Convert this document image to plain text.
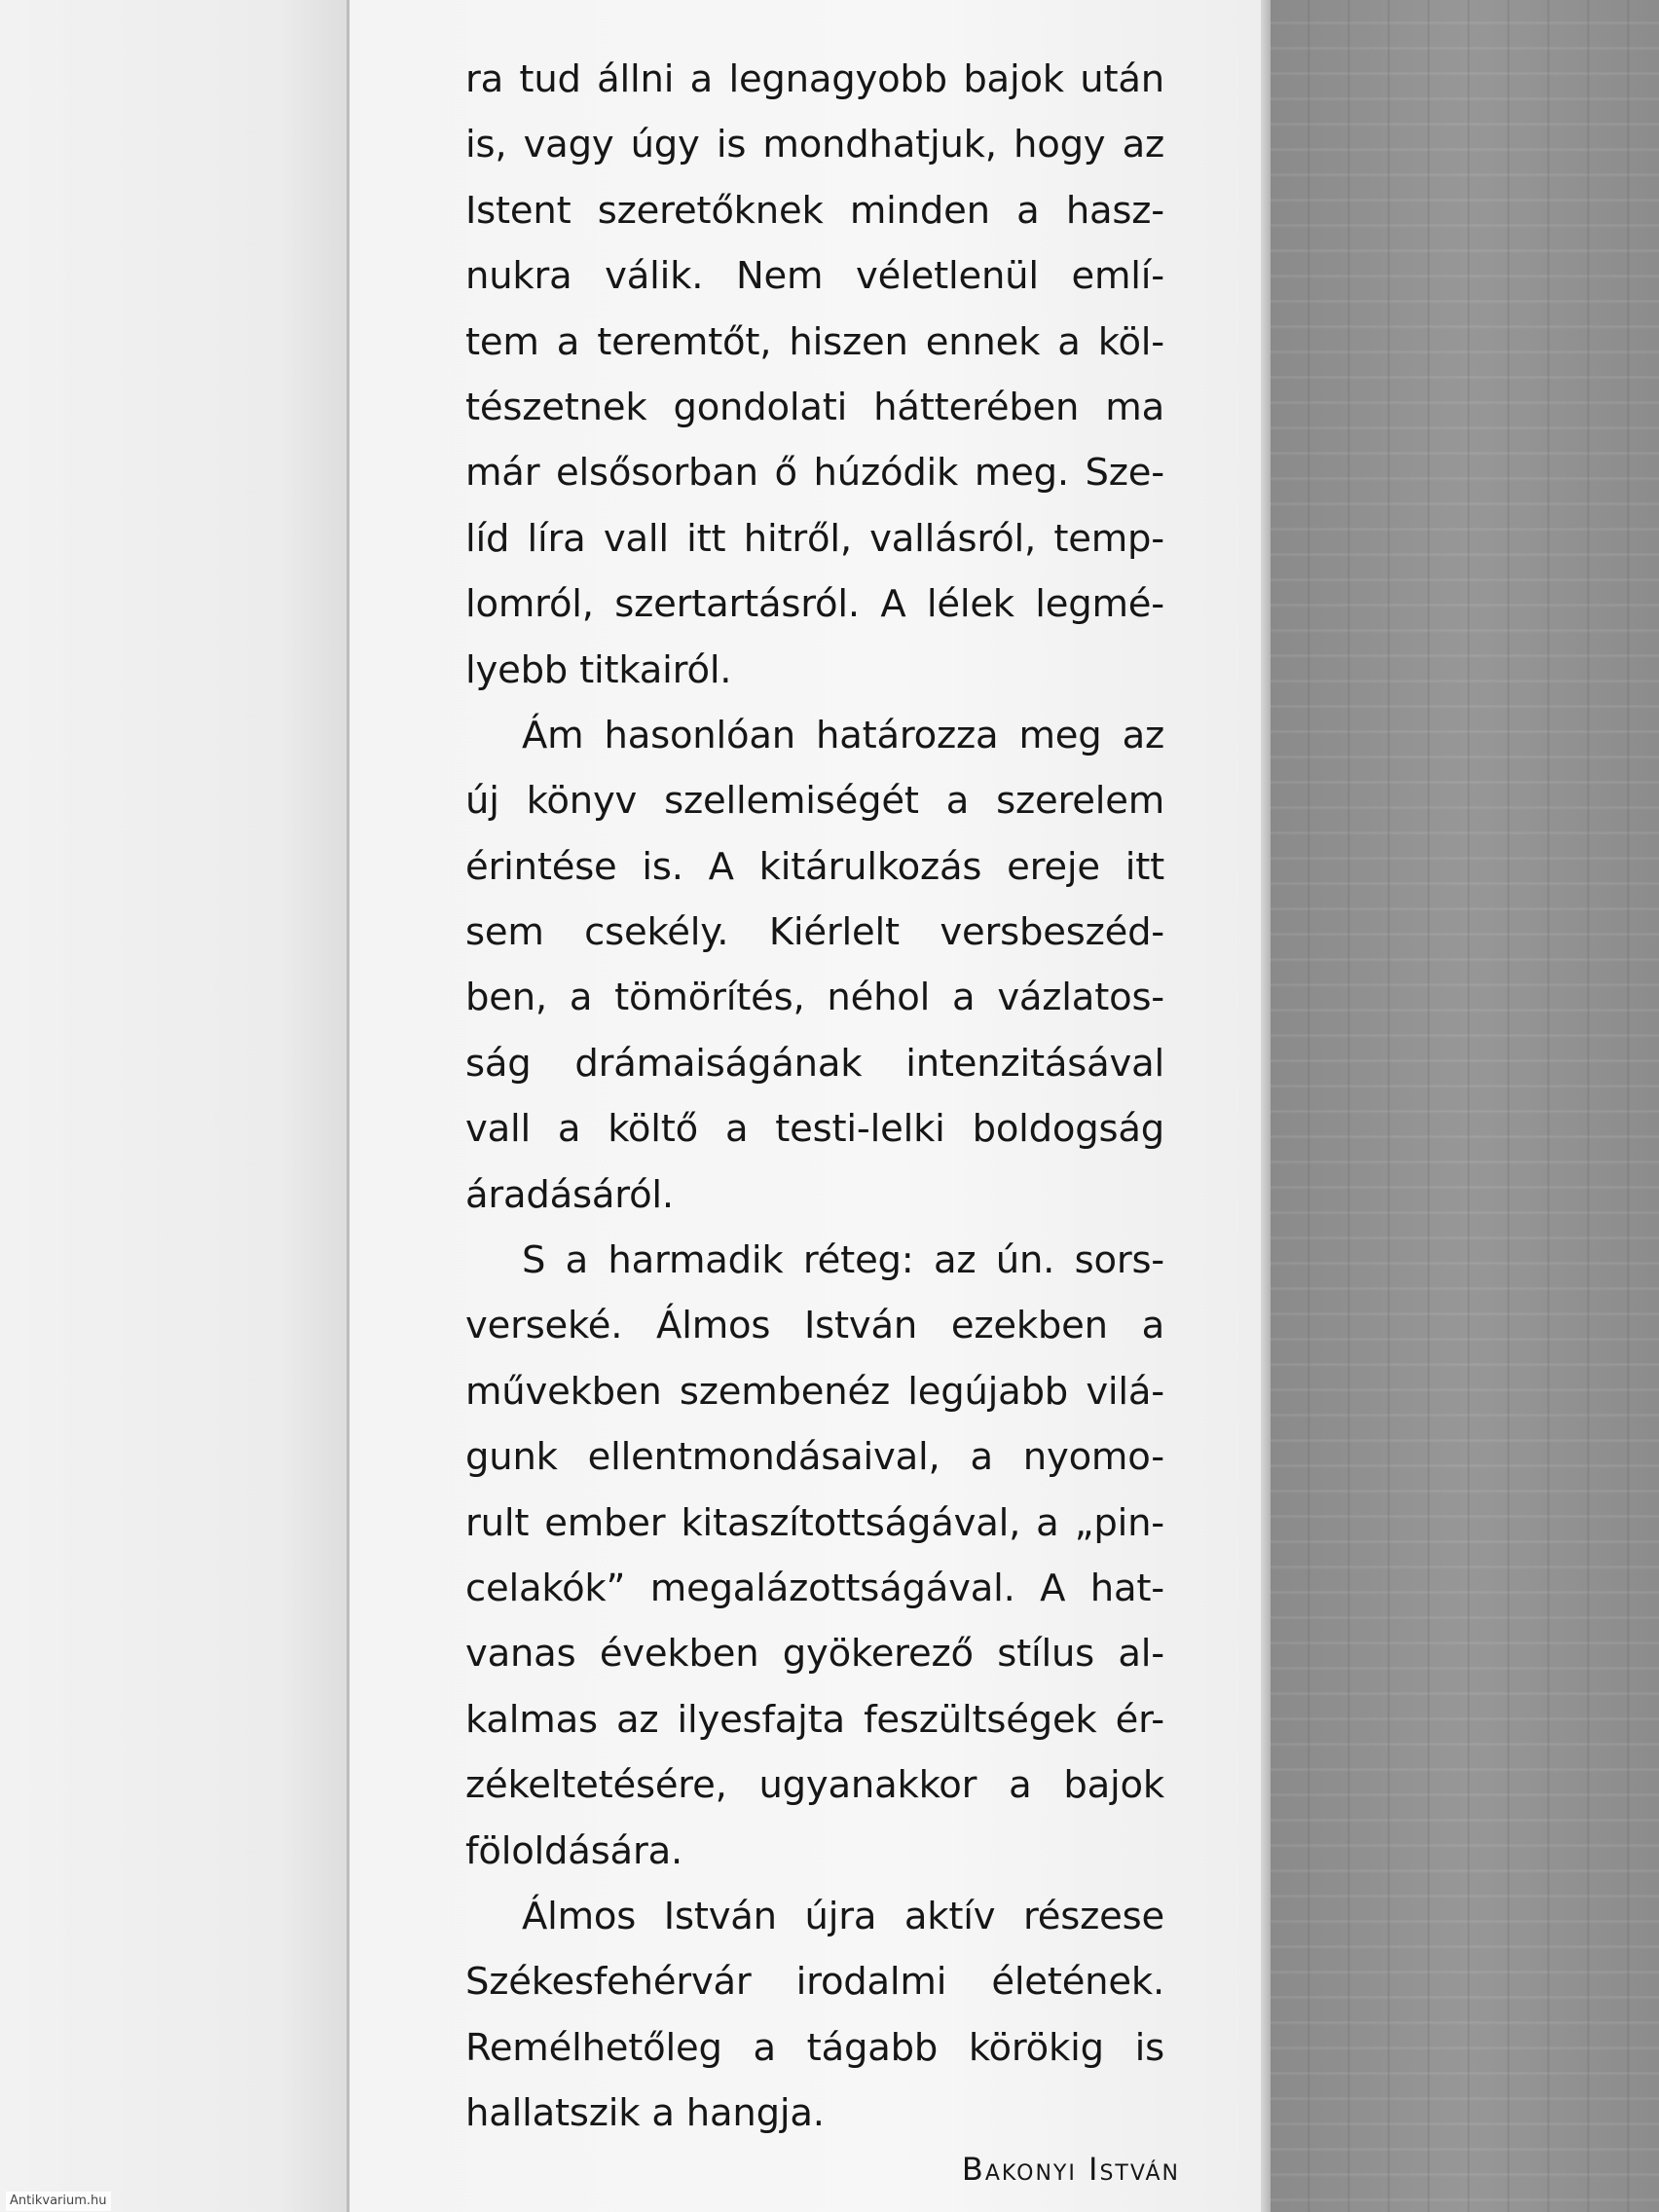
ra tud állni a legnagyobb bajok után
is, vagy úgy is mondhatjuk, hogy az
Istent szeretőknek minden a hasz-
nukra válik. Nem véletlenül emlí-
tem a teremtőt, hiszen ennek a köl-
tészetnek gondolati hátterében ma
már elsősorban ő húzódik meg. Sze-
líd líra vall itt hitről, vallásról, temp-
lomról, szertartásról. A lélek legmé-
lyebb titkairól.
Ám hasonlóan határozza meg az
új könyv szellemiségét a szerelem
érintése is. A kitárulkozás ereje itt
sem csekély. Kiérlelt versbeszéd-
ben, a tömörítés, néhol a vázlatos-
ság drámaiságának intenzitásával
vall a költő a testi-lelki boldogság
áradásáról.
S a harmadik réteg: az ún. sors-
verseké. Álmos István ezekben a
művekben szembenéz legújabb vilá-
gunk ellentmondásaival, a nyomo-
rult ember kitaszítottságával, a „pin-
celakók” megalázottságával. A hat-
vanas években gyökerező stílus al-
kalmas az ilyesfajta feszültségek ér-
zékeltetésére, ugyanakkor a bajok
föloldására.
Álmos István újra aktív részese
Székesfehérvár irodalmi életének.
Remélhetőleg a tágabb körökig is
hallatszik a hangja.
Bakonyi István
Antikvarium.hu
